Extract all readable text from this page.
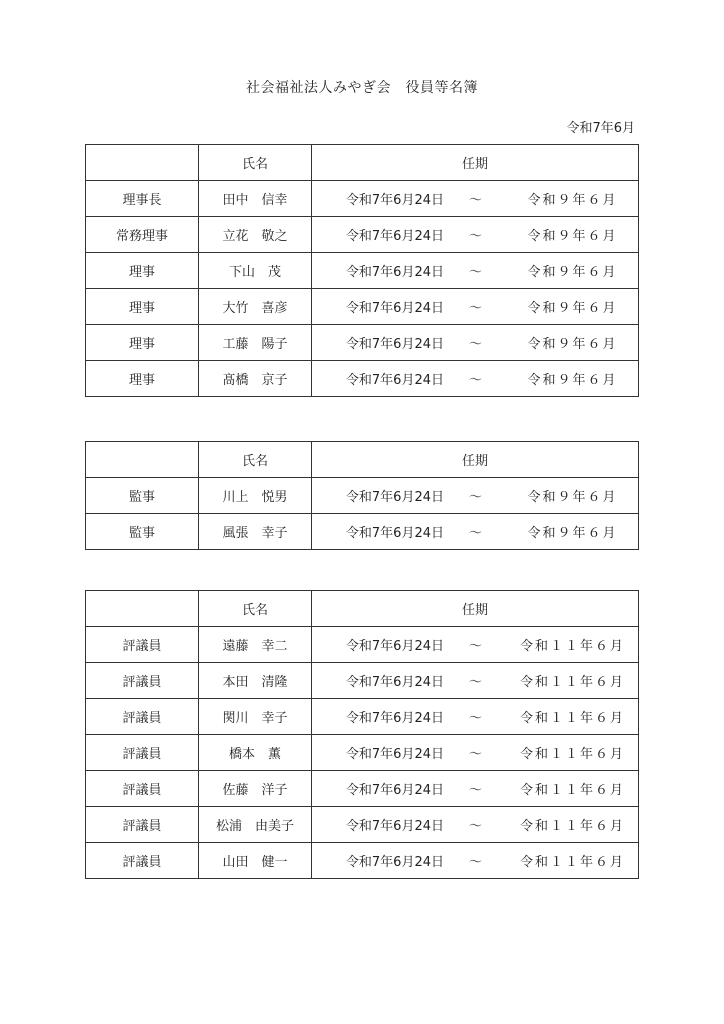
社会福祉法人みやぎ会　役員等名簿
令和7年6月
	氏名	任期
理事長	田中　信幸	令和7年6月24日 ～ 令和９年６月

常務理事	立花　敬之	令和7年6月24日 ～ 令和９年６月

理事	下山　茂	令和7年6月24日 ～ 令和９年６月

理事	大竹　喜彦	令和7年6月24日 ～ 令和９年６月

理事	工藤　陽子	令和7年6月24日 ～ 令和９年６月

理事	髙橋　京子	令和7年6月24日 ～ 令和９年６月
	氏名	任期
監事	川上　悦男	令和7年6月24日 ～ 令和９年６月

監事	風張　幸子	令和7年6月24日 ～ 令和９年６月
	氏名	任期
評議員	遠藤　幸二	令和7年6月24日 ～ 令和１１年６月

評議員	本田　清隆	令和7年6月24日 ～ 令和１１年６月

評議員	関川　幸子	令和7年6月24日 ～ 令和１１年６月

評議員	橋本　薫	令和7年6月24日 ～ 令和１１年６月

評議員	佐藤　洋子	令和7年6月24日 ～ 令和１１年６月

評議員	松浦　由美子	令和7年6月24日 ～ 令和１１年６月

評議員	山田　健一	令和7年6月24日 ～ 令和１１年６月
